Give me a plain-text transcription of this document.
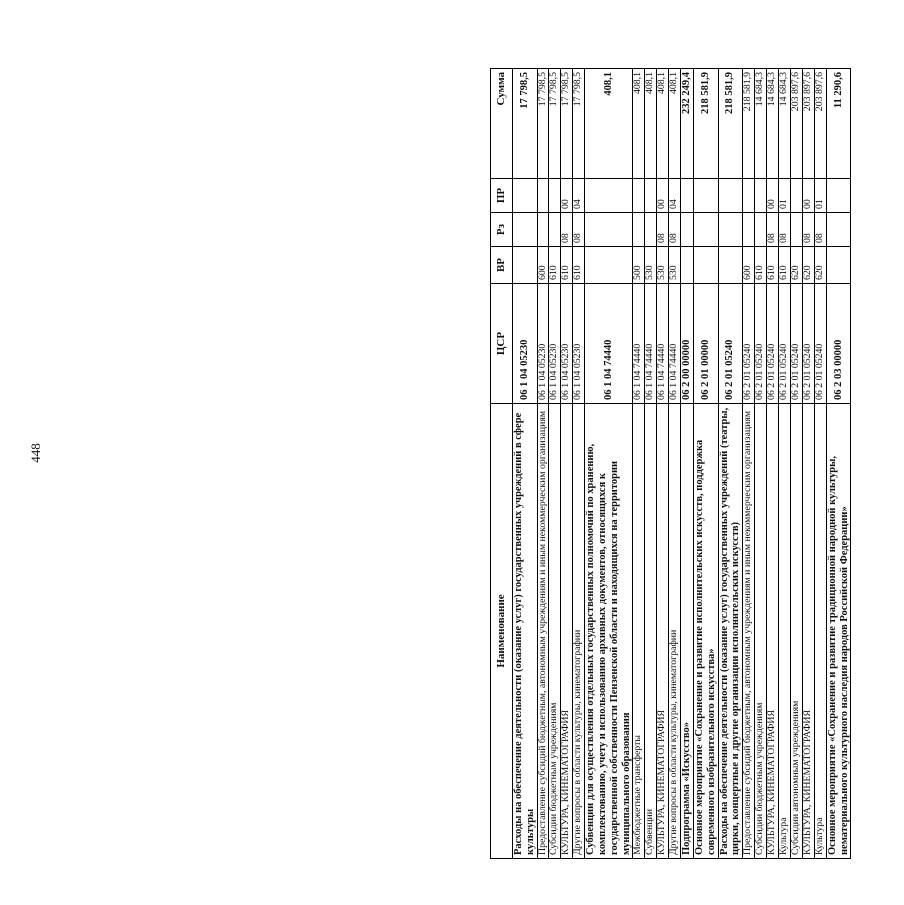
448
Наименование	ЦСР	ВР	Рз	ПР	Сумма
Расходы на обеспечение деятельности (оказание услуг) государственных учреждений в сфере культуры	06 1 04 05230				17 798,5
Предоставление субсидий бюджетным, автономным учреждениям и иным некоммерческим организациям	06 1 04 05230	600			17 798,5
Субсидии бюджетным учреждениям	06 1 04 05230	610			17 798,5
КУЛЬТУРА, КИНЕМАТОГРАФИЯ	06 1 04 05230	610	08	00	17 798,5
Другие вопросы в области культуры, кинематографии	06 1 04 05230	610	08	04	17 798,5
Субвенции для осуществления отдельных государственных полномочий по хранению, комплектованию, учету и использованию архивных документов, относящихся к государственной собственности Пензенской области и находящихся на территории муниципального образования	06 1 04 74440				408,1
Межбюджетные трансферты	06 1 04 74440	500			408,1
Субвенции	06 1 04 74440	530			408,1
КУЛЬТУРА, КИНЕМАТОГРАФИЯ	06 1 04 74440	530	08	00	408,1
Другие вопросы в области культуры, кинематографии	06 1 04 74440	530	08	04	408,1
Подпрограмма «Искусство»	06 2 00 00000				232 249,4
Основное мероприятие «Сохранение и развитие исполнительских искусств, поддержка современного изобразительного искусства»	06 2 01 00000				218 581,9
Расходы на обеспечение деятельности (оказание услуг) государственных учреждений (театры, цирки, концертные и другие организации исполнительских искусств)	06 2 01 05240				218 581,9
Предоставление субсидий бюджетным, автономным учреждениям и иным некоммерческим организациям	06 2 01 05240	600			218 581,9
Субсидии бюджетным учреждениям	06 2 01 05240	610			14 684,3
КУЛЬТУРА, КИНЕМАТОГРАФИЯ	06 2 01 05240	610	08	00	14 684,3
Культура	06 2 01 05240	610	08	01	14 684,3
Субсидии автономным учреждениям	06 2 01 05240	620			203 897,6
КУЛЬТУРА, КИНЕМАТОГРАФИЯ	06 2 01 05240	620	08	00	203 897,6
Культура	06 2 01 05240	620	08	01	203 897,6
Основное мероприятие «Сохранение и развитие традиционной народной культуры, нематериального культурного наследия народов Российской Федерации»	06 2 03 00000				11 290,6
